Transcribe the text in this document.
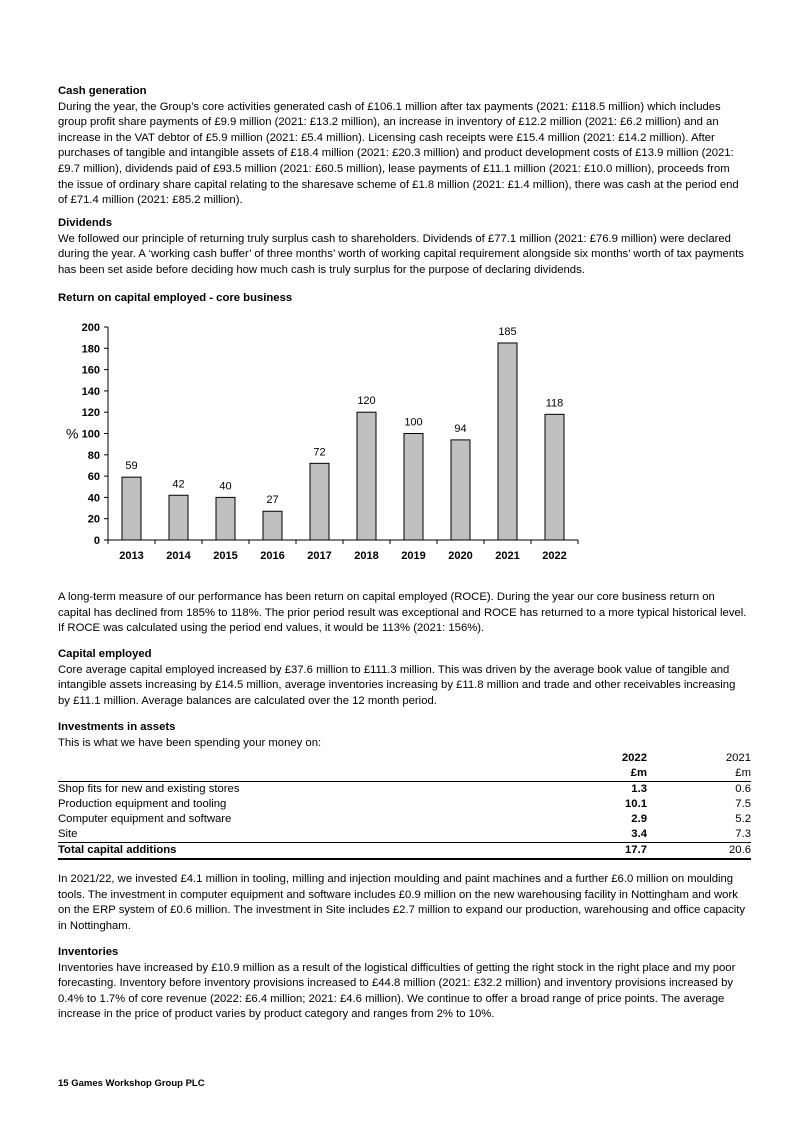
Cash generation

During the year, the Group’s core activities generated cash of £106.1 million after tax payments (2021: £118.5 million) which includes group profit share payments of £9.9 million (2021: £13.2 million), an increase in inventory of £12.2 million (2021: £6.2 million) and an increase in the VAT debtor of £5.9 million (2021: £5.4 million). Licensing cash receipts were £15.4 million (2021: £14.2 million). After purchases of tangible and intangible assets of £18.4 million (2021: £20.3 million) and product development costs of £13.9 million (2021: £9.7 million), dividends paid of £93.5 million (2021: £60.5 million), lease payments of £11.1 million (2021: £10.0 million), proceeds from the issue of ordinary share capital relating to the sharesave scheme of £1.8 million (2021: £1.4 million), there was cash at the period end of £71.4 million (2021: £85.2 million).

Dividends

We followed our principle of returning truly surplus cash to shareholders. Dividends of £77.1 million (2021: £76.9 million) were declared during the year. A ‘working cash buffer’ of three months’ worth of working capital requirement alongside six months’ worth of tax payments has been set aside before deciding how much cash is truly surplus for the purpose of declaring dividends.

Return on capital employed - core business
0
20
40
60
80
100
120
140
160
180
200
59
2013
42
2014
40
2015
27
2016
72
2017
120
2018
100
2019
94
2020
185
2021
118
2022
%

A long-term measure of our performance has been return on capital employed (ROCE). During the year our core business return on capital has declined from 185% to 118%. The prior period result was exceptional and ROCE has returned to a more typical historical level. If ROCE was calculated using the period end values, it would be 113% (2021: 156%).

Capital employed

Core average capital employed increased by £37.6 million to £111.3 million. This was driven by the average book value of tangible and intangible assets increasing by £14.5 million, average inventories increasing by £11.8 million and trade and other receivables increasing by £11.1 million. Average balances are calculated over the 12 month period.

Investments in assets

This is what we have been spending your money on:

	2022	2021
	£m	£m
Shop fits for new and existing stores	1.3	0.6
Production equipment and tooling	10.1	7.5
Computer equipment and software	2.9	5.2
Site	3.4	7.3
Total capital additions	17.7	20.6

In 2021/22, we invested £4.1 million in tooling, milling and injection moulding and paint machines and a further £6.0 million on moulding tools. The investment in computer equipment and software includes £0.9 million on the new warehousing facility in Nottingham and work on the ERP system of £0.6 million. The investment in Site includes £2.7 million to expand our production, warehousing and office capacity in Nottingham.

Inventories

Inventories have increased by £10.9 million as a result of the logistical difficulties of getting the right stock in the right place and my poor forecasting. Inventory before inventory provisions increased to £44.8 million (2021: £32.2 million) and inventory provisions increased by 0.4% to 1.7% of core revenue (2022: £6.4 million; 2021: £4.6 million). We continue to offer a broad range of price points. The average increase in the price of product varies by product category and ranges from 2% to 10%.

15 Games Workshop Group PLC
